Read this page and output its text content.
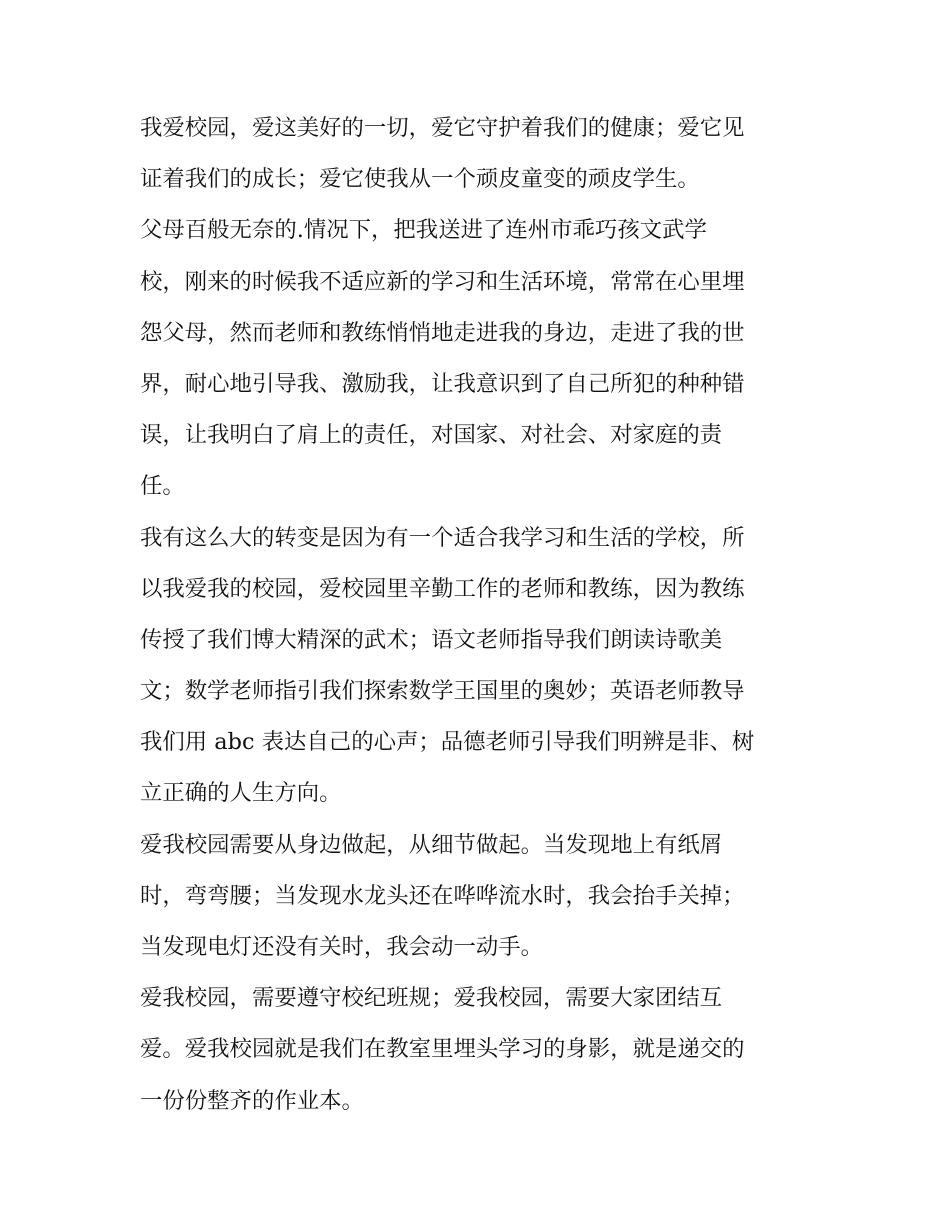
我爱校园，爱这美好的一切，爱它守护着我们的健康；爱它见

证着我们的成长；爱它使我从一个顽皮童变的顽皮学生。

父母百般无奈的.情况下，把我送进了连州市乖巧孩文武学

校，刚来的时候我不适应新的学习和生活环境，常常在心里埋

怨父母，然而老师和教练悄悄地走进我的身边，走进了我的世

界，耐心地引导我、激励我，让我意识到了自己所犯的种种错

误，让我明白了肩上的责任，对国家、对社会、对家庭的责

任。

我有这么大的转变是因为有一个适合我学习和生活的学校，所

以我爱我的校园，爱校园里辛勤工作的老师和教练，因为教练

传授了我们博大精深的武术；语文老师指导我们朗读诗歌美

文；数学老师指引我们探索数学王国里的奥妙；英语老师教导

我们用 abc 表达自己的心声；品德老师引导我们明辨是非、树

立正确的人生方向。

爱我校园需要从身边做起，从细节做起。当发现地上有纸屑

时，弯弯腰；当发现水龙头还在哗哗流水时，我会抬手关掉；

当发现电灯还没有关时，我会动一动手。

爱我校园，需要遵守校纪班规；爱我校园，需要大家团结互

爱。爱我校园就是我们在教室里埋头学习的身影，就是递交的

一份份整齐的作业本。
